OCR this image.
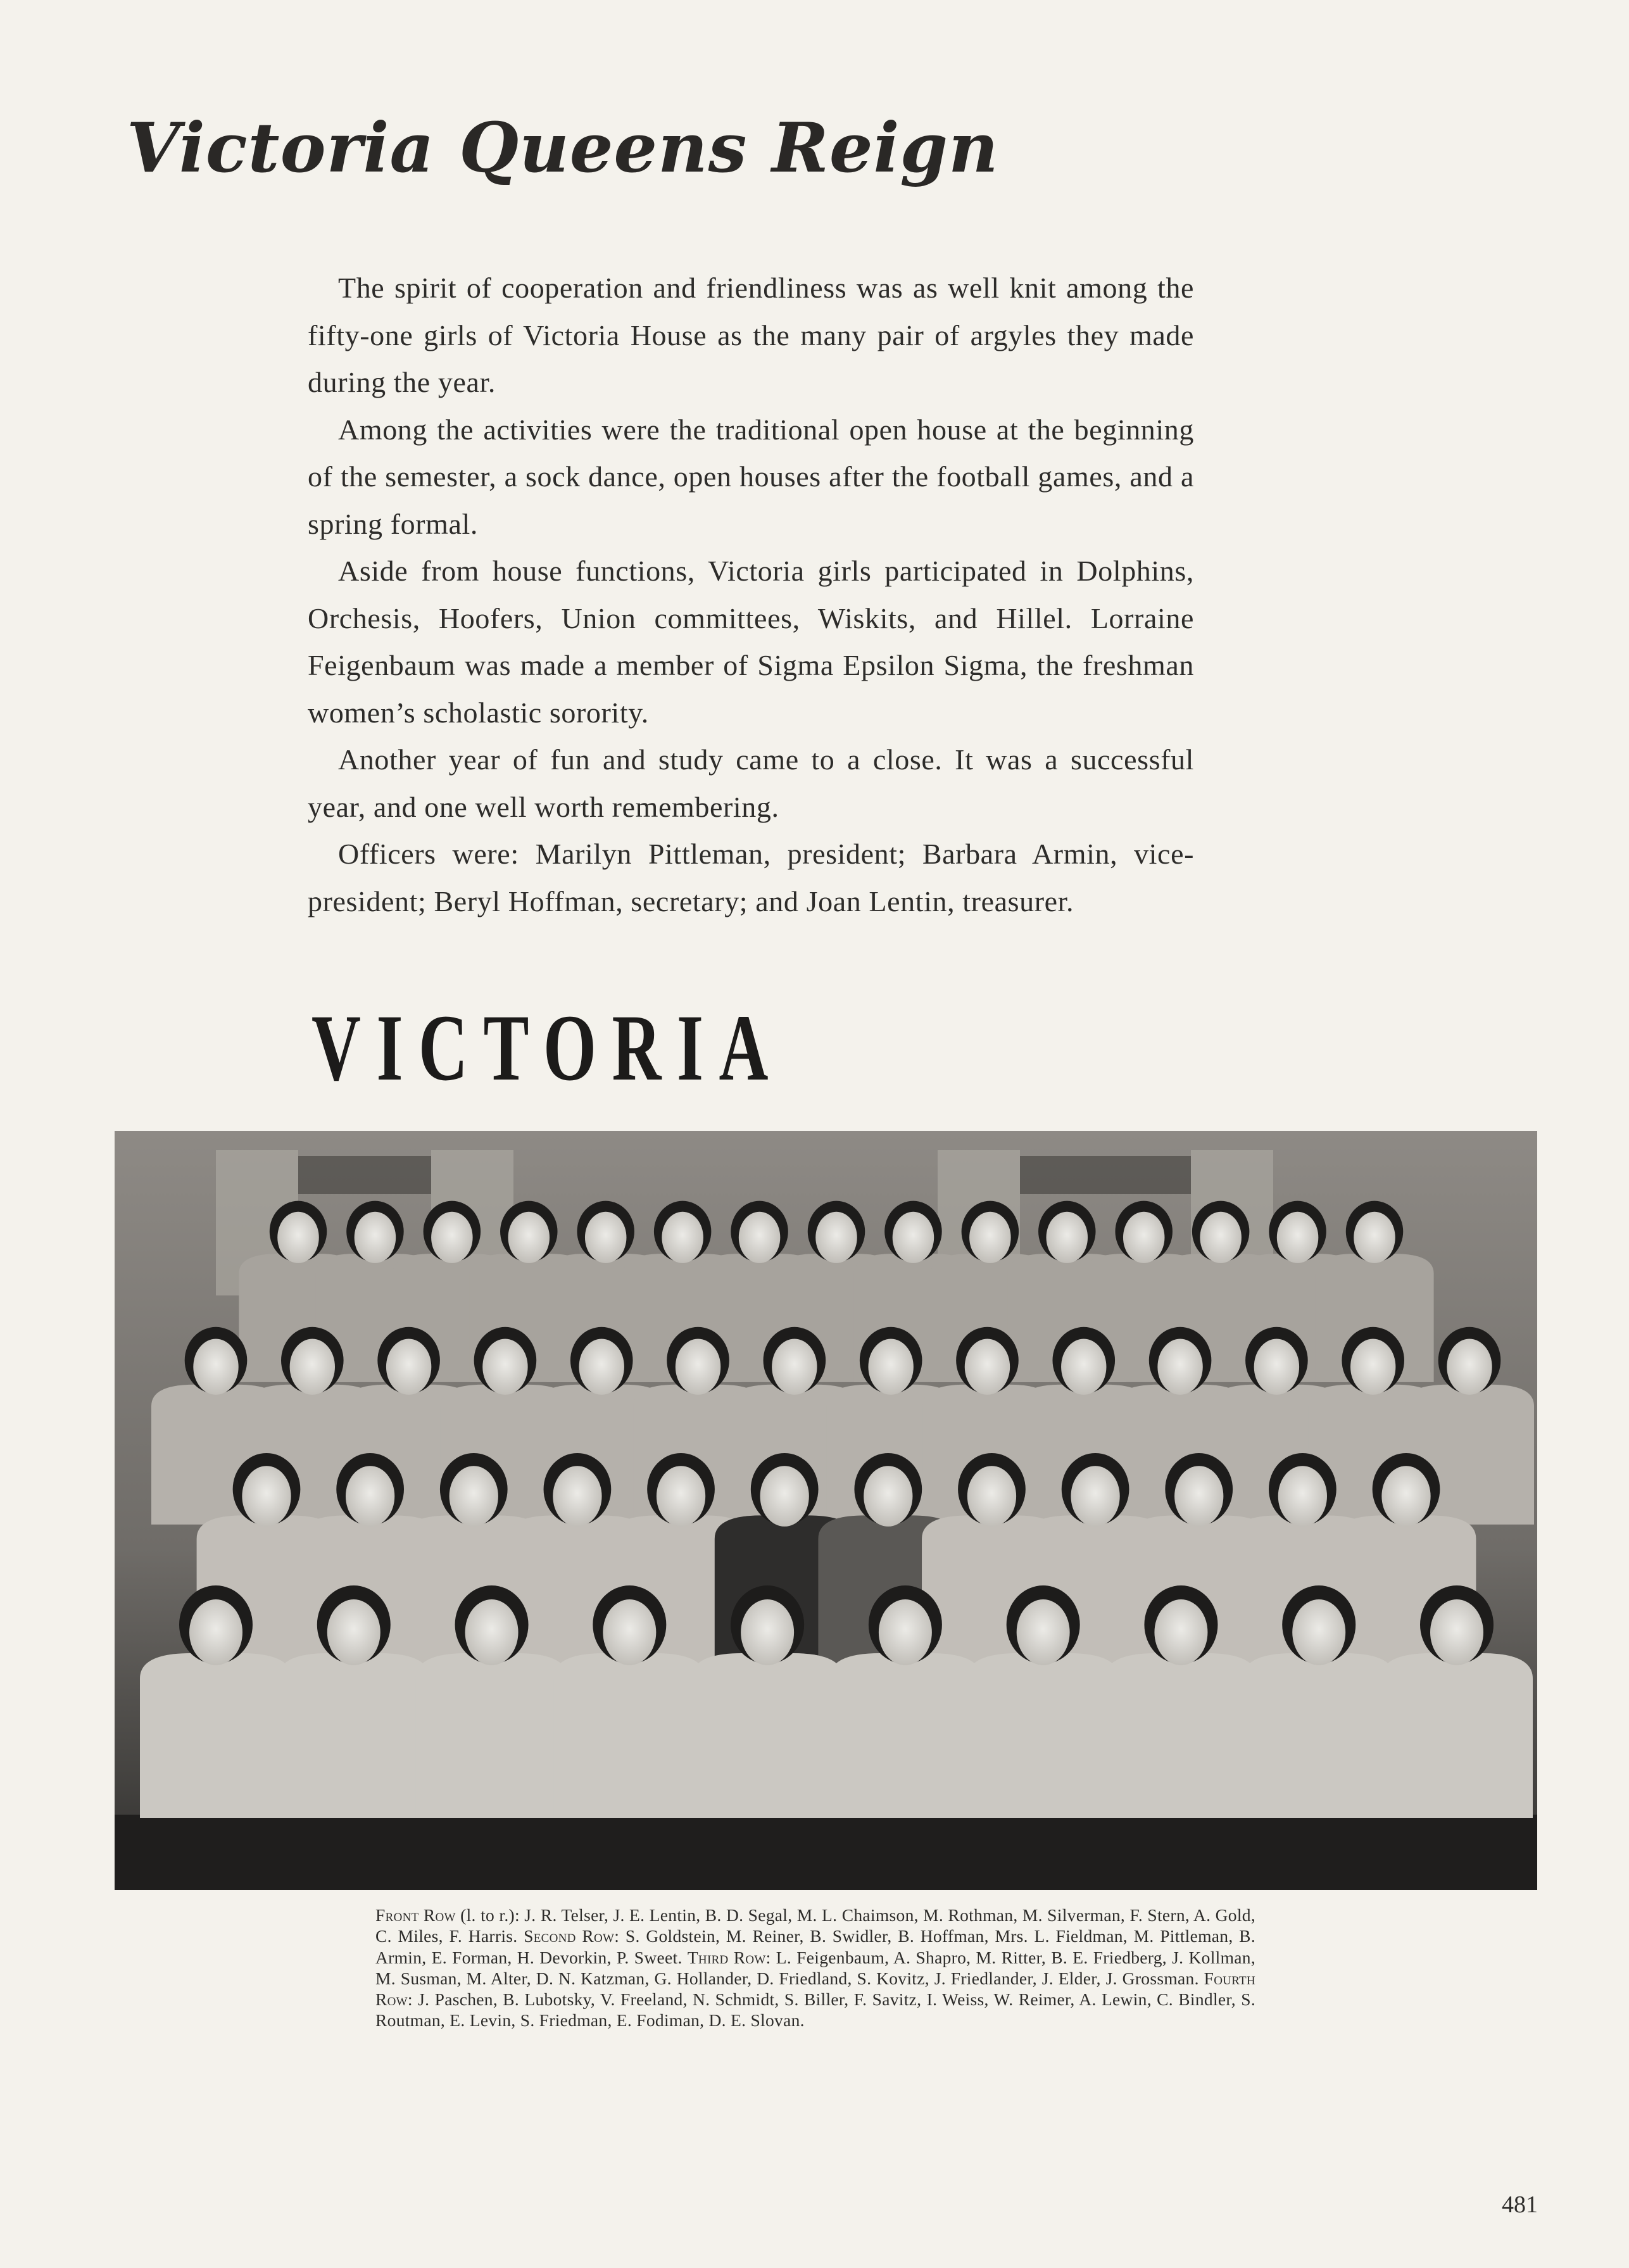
Victoria Queens Reign

The spirit of cooperation and friendliness was as well knit among the fifty-one girls of Victoria House as the many pair of argyles they made during the year.

Among the activities were the traditional open house at the beginning of the semester, a sock dance, open houses after the football games, and a spring formal.

Aside from house functions, Victoria girls participated in Dolphins, Orchesis, Hoofers, Union committees, Wiskits, and Hillel. Lorraine Feigenbaum was made a member of Sigma Epsilon Sigma, the freshman women’s scholastic sorority.

Another year of fun and study came to a close. It was a successful year, and one well worth remembering.

Officers were: Marilyn Pittleman, president; Barbara Armin, vice-president; Beryl Hoffman, secretary; and Joan Lentin, treasurer.

VICTORIA

Front Row (l. to r.): J. R. Telser, J. E. Lentin, B. D. Segal, M. L. Chaimson, M. Rothman, M. Silverman, F. Stern, A. Gold, C. Miles, F. Harris. Second Row: S. Goldstein, M. Reiner, B. Swidler, B. Hoffman, Mrs. L. Fieldman, M. Pittleman, B. Armin, E. Forman, H. Devorkin, P. Sweet. Third Row: L. Feigenbaum, A. Shapro, M. Ritter, B. E. Friedberg, J. Kollman, M. Susman, M. Alter, D. N. Katzman, G. Hollander, D. Friedland, S. Kovitz, J. Friedlander, J. Elder, J. Grossman. Fourth Row: J. Paschen, B. Lubotsky, V. Freeland, N. Schmidt, S. Biller, F. Savitz, I. Weiss, W. Reimer, A. Lewin, C. Bindler, S. Routman, E. Levin, S. Friedman, E. Fodiman, D. E. Slovan.

481
